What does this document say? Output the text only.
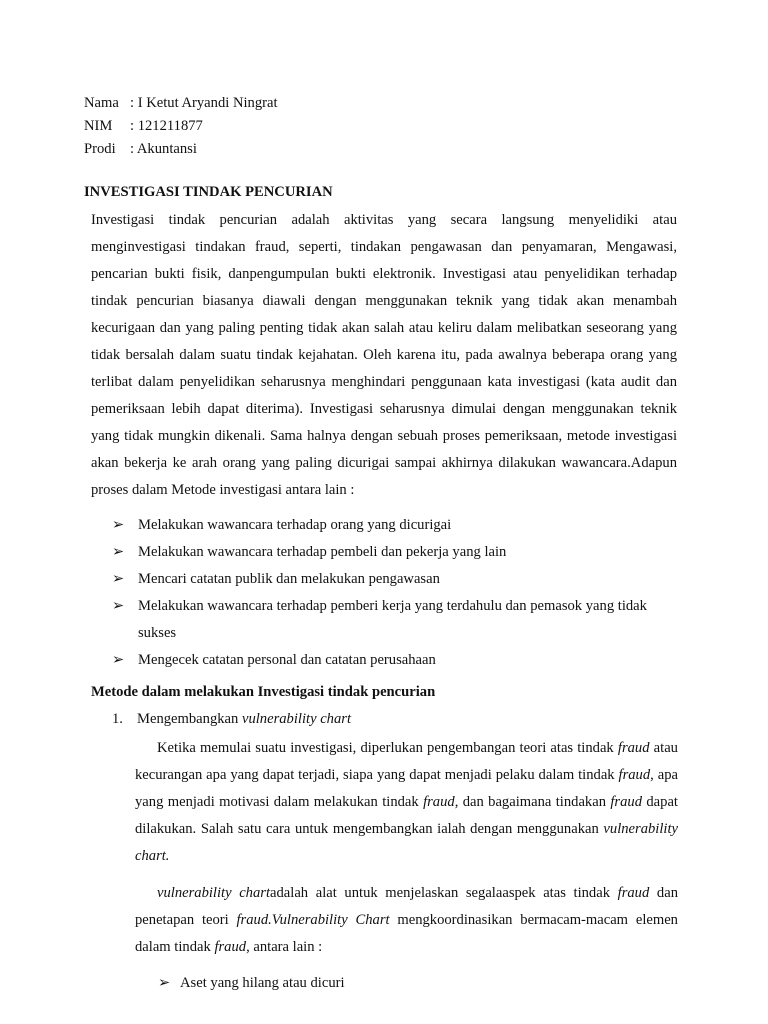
Nama : I Ketut Aryandi Ningrat
NIM	: 121211877
Prodi : Akuntansi
INVESTIGASI TINDAK PENCURIAN
Investigasi tindak pencurian adalah aktivitas yang secara langsung menyelidiki atau menginvestigasi tindakan fraud, seperti, tindakan pengawasan dan penyamaran, Mengawasi, pencarian bukti fisik, danpengumpulan bukti elektronik. Investigasi atau penyelidikan terhadap tindak pencurian biasanya diawali dengan menggunakan teknik yang tidak akan menambah kecurigaan dan yang paling penting tidak akan salah atau keliru dalam melibatkan seseorang yang tidak bersalah dalam suatu tindak kejahatan. Oleh karena itu, pada awalnya beberapa orang yang terlibat dalam penyelidikan seharusnya menghindari penggunaan kata investigasi (kata audit dan pemeriksaan lebih dapat diterima). Investigasi seharusnya dimulai dengan menggunakan teknik yang tidak mungkin dikenali. Sama halnya dengan sebuah proses pemeriksaan, metode investigasi akan bekerja ke arah orang yang paling dicurigai sampai akhirnya dilakukan wawancara.Adapun proses dalam Metode investigasi antara lain :
➢ Melakukan wawancara terhadap orang yang dicurigai
➢ Melakukan wawancara terhadap pembeli dan pekerja yang lain
➢ Mencari catatan publik dan melakukan pengawasan
➢ Melakukan wawancara terhadap pemberi kerja yang terdahulu dan pemasok yang tidak sukses
➢ Mengecek catatan personal dan catatan perusahaan
Metode dalam melakukan Investigasi tindak pencurian
1. Mengembangkan vulnerability chart
Ketika memulai suatu investigasi, diperlukan pengembangan teori atas tindak fraud atau kecurangan apa yang dapat terjadi, siapa yang dapat menjadi pelaku dalam tindak fraud, apa yang menjadi motivasi dalam melakukan tindak fraud, dan bagaimana tindakan fraud dapat dilakukan. Salah satu cara untuk mengembangkan ialah dengan menggunakan vulnerability chart.
vulnerability chartadalah alat untuk menjelaskan segalaaspek atas tindak fraud dan penetapan teori fraud.Vulnerability Chart mengkoordinasikan bermacam-macam elemen dalam tindak fraud, antara lain :
➢ Aset yang hilang atau dicuri
